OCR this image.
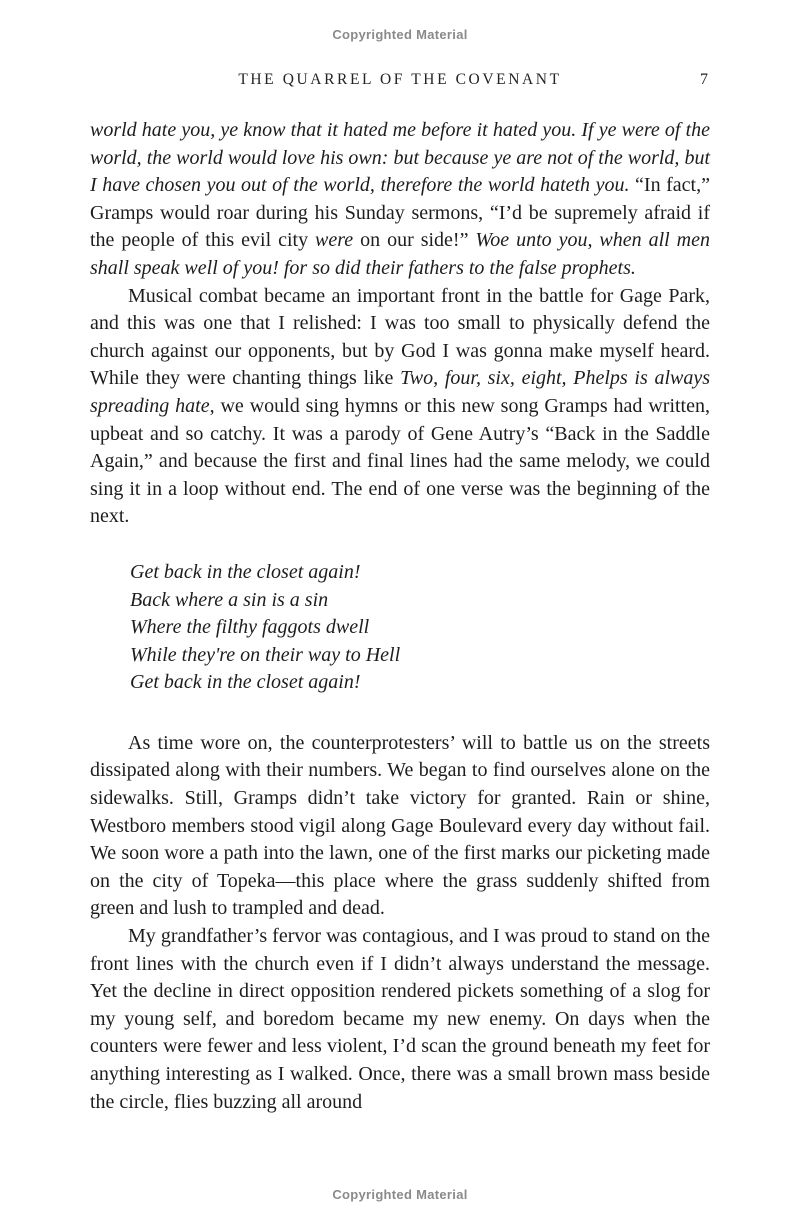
Copyrighted Material
THE QUARREL OF THE COVENANT	7

world hate you, ye know that it hated me before it hated you. If ye were of the world, the world would love his own: but because ye are not of the world, but I have chosen you out of the world, therefore the world hateth you. “In fact,” Gramps would roar during his Sunday sermons, “I’d be supremely afraid if the people of this evil city were on our side!” Woe unto you, when all men shall speak well of you! for so did their fathers to the false prophets.

Musical combat became an important front in the battle for Gage Park, and this was one that I relished: I was too small to physically defend the church against our opponents, but by God I was gonna make myself heard. While they were chanting things like Two, four, six, eight, Phelps is always spreading hate, we would sing hymns or this new song Gramps had written, upbeat and so catchy. It was a parody of Gene Autry’s “Back in the Saddle Again,” and because the first and final lines had the same melody, we could sing it in a loop without end. The end of one verse was the beginning of the next.

Get back in the closet again!
Back where a sin is a sin
Where the filthy faggots dwell
While they're on their way to Hell
Get back in the closet again!

As time wore on, the counterprotesters’ will to battle us on the streets dissipated along with their numbers. We began to find ourselves alone on the sidewalks. Still, Gramps didn’t take victory for granted. Rain or shine, Westboro members stood vigil along Gage Boulevard every day without fail. We soon wore a path into the lawn, one of the first marks our picketing made on the city of Topeka—this place where the grass suddenly shifted from green and lush to trampled and dead.

My grandfather’s fervor was contagious, and I was proud to stand on the front lines with the church even if I didn’t always understand the message. Yet the decline in direct opposition rendered pickets something of a slog for my young self, and boredom became my new enemy. On days when the counters were fewer and less violent, I’d scan the ground beneath my feet for anything interesting as I walked. Once, there was a small brown mass beside the circle, flies buzzing all around

Copyrighted Material
